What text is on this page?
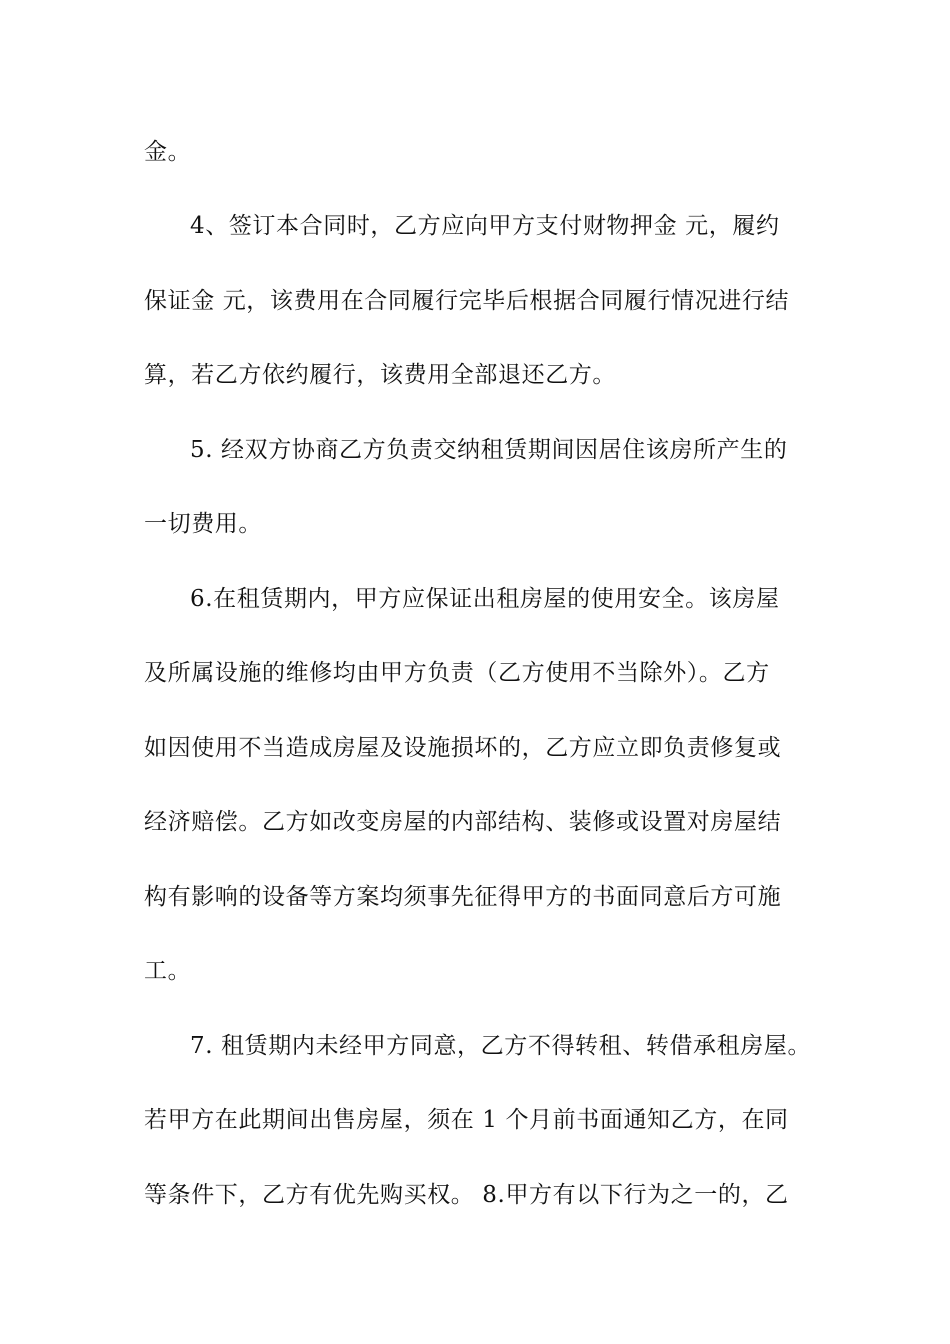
金。
4、签订本合同时，乙方应向甲方支付财物押金 元，履约
保证金 元，该费用在合同履行完毕后根据合同履行情况进行结
算，若乙方依约履行，该费用全部退还乙方。
5. 经双方协商乙方负责交纳租赁期间因居住该房所产生的
一切费用。
6.在租赁期内，甲方应保证出租房屋的使用安全。该房屋
及所属设施的维修均由甲方负责（乙方使用不当除外）。乙方
如因使用不当造成房屋及设施损坏的，乙方应立即负责修复或
经济赔偿。乙方如改变房屋的内部结构、装修或设置对房屋结
构有影响的设备等方案均须事先征得甲方的书面同意后方可施
工。
7. 租赁期内未经甲方同意，乙方不得转租、转借承租房屋。
若甲方在此期间出售房屋，须在 1 个月前书面通知乙方，在同
等条件下，乙方有优先购买权。 8.甲方有以下行为之一的，乙
